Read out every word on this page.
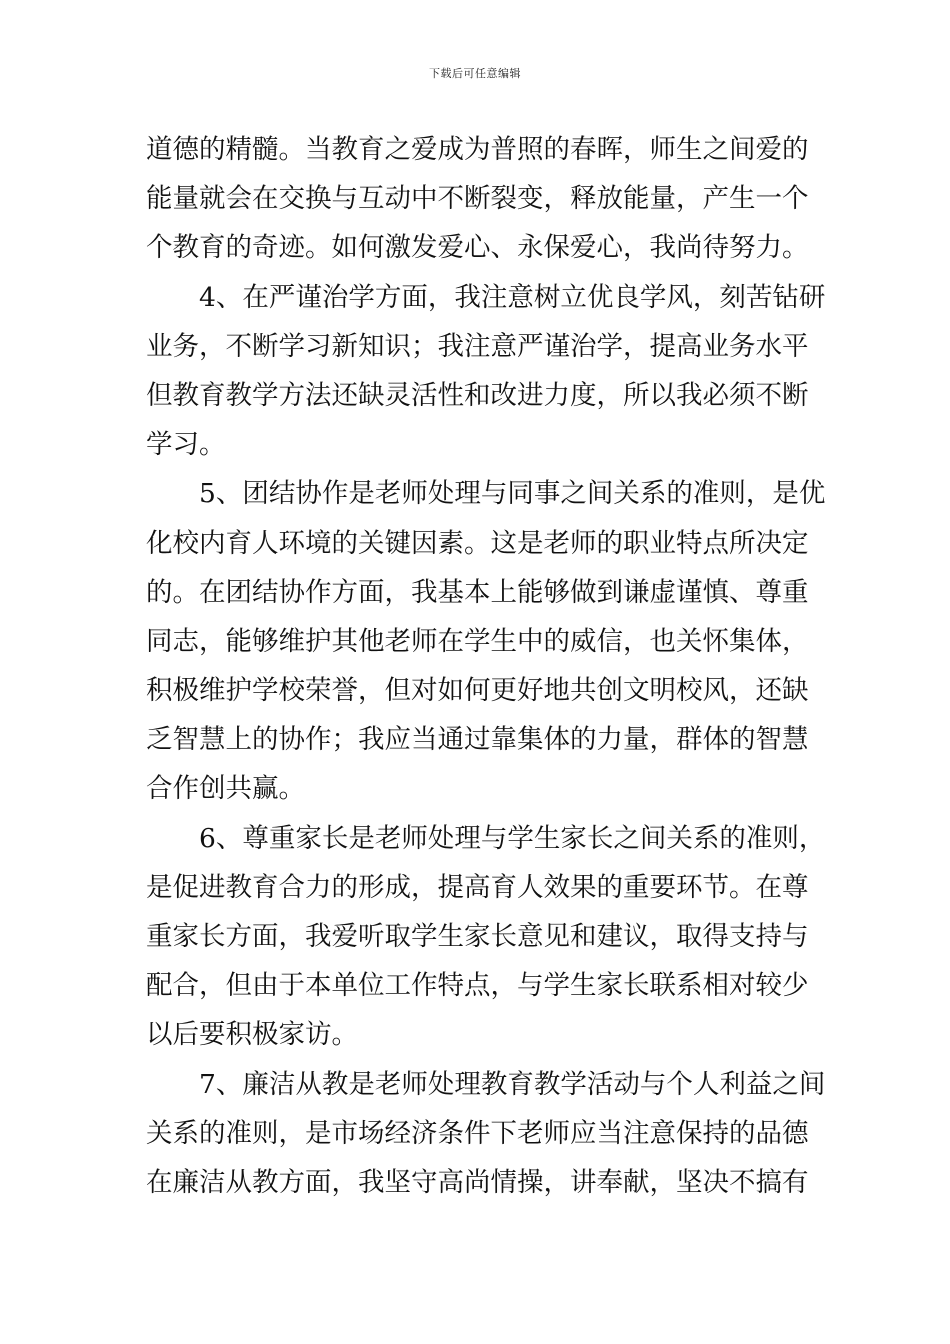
下载后可任意编辑
道德的精髓。当教育之爱成为普照的春晖，师生之间爱的
能量就会在交换与互动中不断裂变，释放能量，产生一个
个教育的奇迹。如何激发爱心、永保爱心，我尚待努力。
　　4、在严谨治学方面，我注意树立优良学风，刻苦钻研
业务，不断学习新知识；我注意严谨治学，提高业务水平
但教育教学方法还缺灵活性和改进力度，所以我必须不断
学习。
　　5、团结协作是老师处理与同事之间关系的准则，是优
化校内育人环境的关键因素。这是老师的职业特点所决定
的。在团结协作方面，我基本上能够做到谦虚谨慎、尊重
同志，能够维护其他老师在学生中的威信，也关怀集体，
积极维护学校荣誉，但对如何更好地共创文明校风，还缺
乏智慧上的协作；我应当通过靠集体的力量，群体的智慧
合作创共赢。
　　6、尊重家长是老师处理与学生家长之间关系的准则，
是促进教育合力的形成，提高育人效果的重要环节。在尊
重家长方面，我爱听取学生家长意见和建议，取得支持与
配合，但由于本单位工作特点，与学生家长联系相对较少
以后要积极家访。
　　7、廉洁从教是老师处理教育教学活动与个人利益之间
关系的准则，是市场经济条件下老师应当注意保持的品德
在廉洁从教方面，我坚守高尚情操，讲奉献，坚决不搞有
